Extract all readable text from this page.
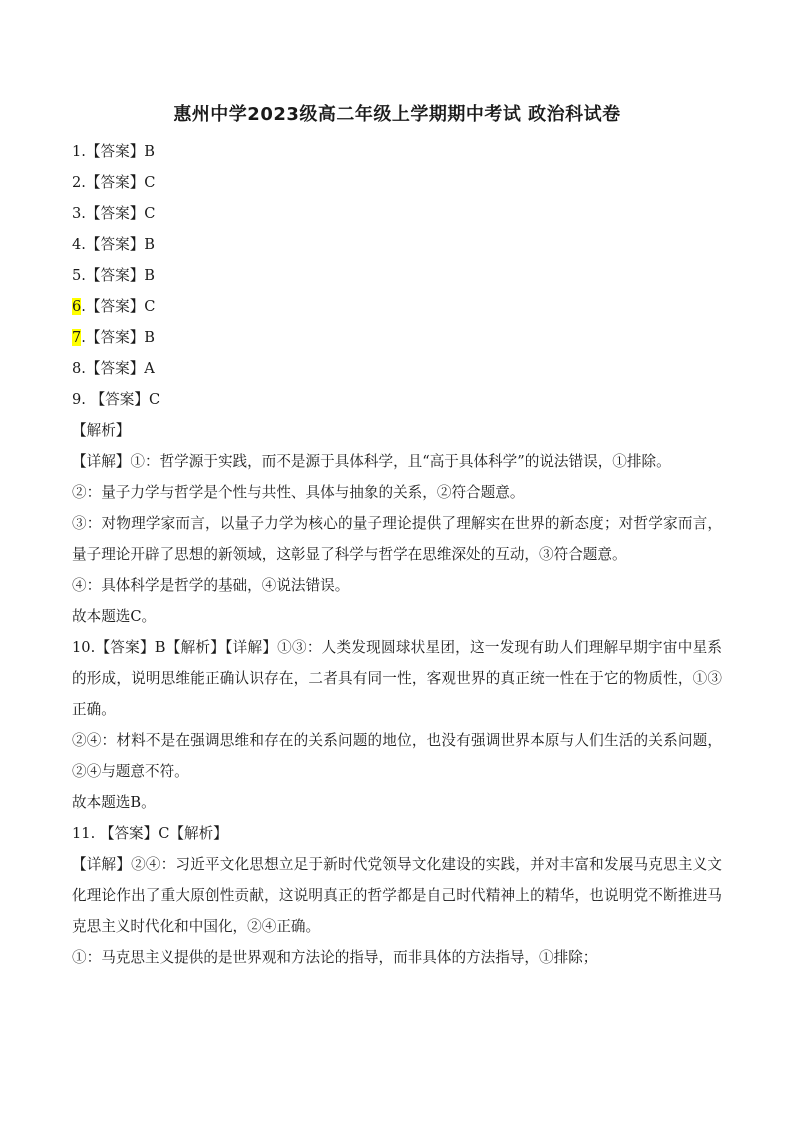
惠州中学2023级高二年级上学期期中考试 政治科试卷

1.【答案】B

2.【答案】C

3.【答案】C

4.【答案】B

5.【答案】B

6.【答案】C

7.【答案】B

8.【答案】A

9. 【答案】C

【解析】

【详解】①：哲学源于实践，而不是源于具体科学，且“高于具体科学”的说法错误，①排除。

②：量子力学与哲学是个性与共性、具体与抽象的关系，②符合题意。

③：对物理学家而言，以量子力学为核心的量子理论提供了理解实在世界的新态度；对哲学家而言，量子理论开辟了思想的新领域，这彰显了科学与哲学在思维深处的互动，③符合题意。

④：具体科学是哲学的基础，④说法错误。

故本题选C。

10.【答案】B【解析】【详解】①③：人类发现圆球状星团，这一发现有助人们理解早期宇宙中星系的形成，说明思维能正确认识存在，二者具有同一性，客观世界的真正统一性在于它的物质性，①③正确。

②④：材料不是在强调思维和存在的关系问题的地位，也没有强调世界本原与人们生活的关系问题，②④与题意不符。

故本题选B。

11. 【答案】C【解析】

【详解】②④：习近平文化思想立足于新时代党领导文化建设的实践，并对丰富和发展马克思主义文化理论作出了重大原创性贡献，这说明真正的哲学都是自己时代精神上的精华，也说明党不断推进马克思主义时代化和中国化，②④正确。

①：马克思主义提供的是世界观和方法论的指导，而非具体的方法指导，①排除；
